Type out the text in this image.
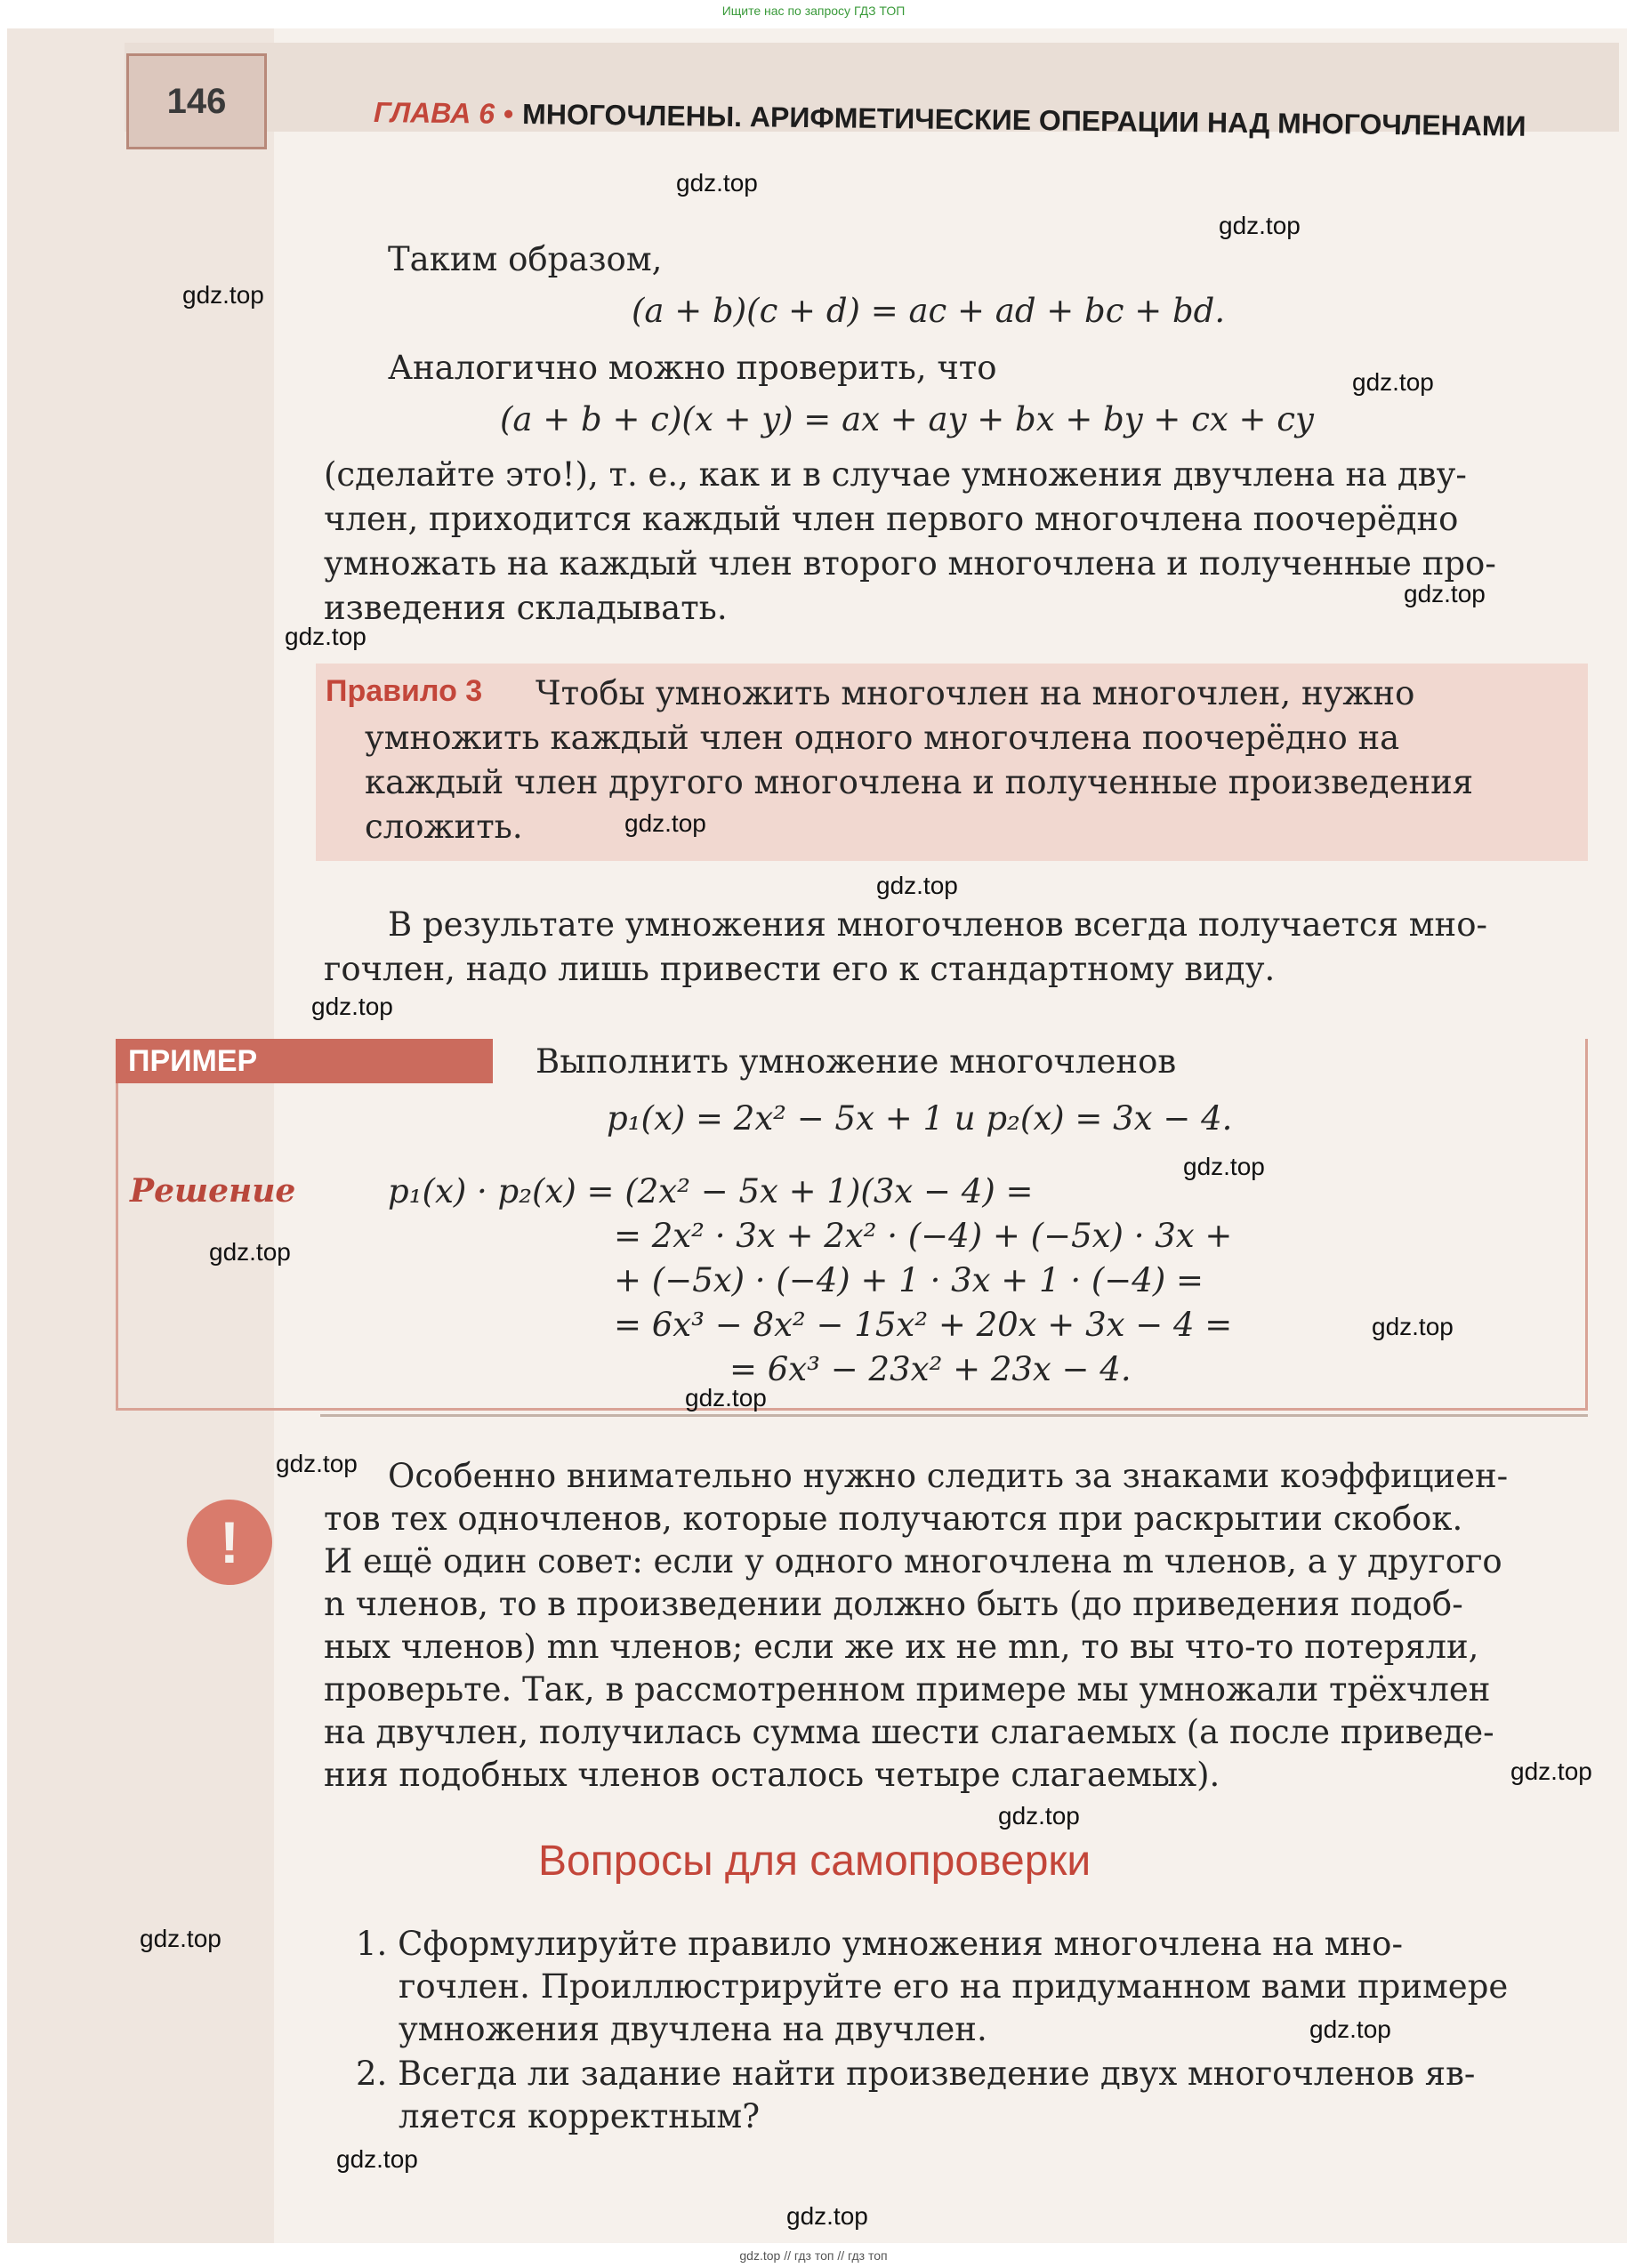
Ищите нас по запросу ГДЗ ТОП
146	ГЛАВА 6 • МНОГОЧЛЕНЫ. АРИФМЕТИЧЕСКИЕ ОПЕРАЦИИ НАД МНОГОЧЛЕНАМИ
Таким образом,
(a + b)(c + d) = ac + ad + bc + bd.
Аналогично можно проверить, что
(a + b + c)(x + y) = ax + ay + bx + by + cx + cy
(сделайте это!), т. е., как и в случае умножения двучлена на дву-
член, приходится каждый член первого многочлена поочерёдно
умножать на каждый член второго многочлена и полученные про-
изведения складывать.
Правило 3 Чтобы умножить многочлен на многочлен, нужно
умножить каждый член одного многочлена поочерёдно на
каждый член другого многочлена и полученные произведения
сложить.
В результате умножения многочленов всегда получается мно-
гочлен, надо лишь привести его к стандартному виду.
ПРИМЕР	Выполнить умножение многочленов
p₁(x) = 2x² − 5x + 1 и p₂(x) = 3x − 4.
Решение	p₁(x) · p₂(x) = (2x² − 5x + 1)(3x − 4) =
= 2x² · 3x + 2x² · (−4) + (−5x) · 3x +
+ (−5x) · (−4) + 1 · 3x + 1 · (−4) =
= 6x³ − 8x² − 15x² + 20x + 3x − 4 =
= 6x³ − 23x² + 23x − 4.
!
Особенно внимательно нужно следить за знаками коэффициен-
тов тех одночленов, которые получаются при раскрытии скобок.
И ещё один совет: если у одного многочлена m членов, а у другого
n членов, то в произведении должно быть (до приведения подоб-
ных членов) mn членов; если же их не mn, то вы что-то потеряли,
проверьте. Так, в рассмотренном примере мы умножали трёхчлен
на двучлен, получилась сумма шести слагаемых (а после приведе-
ния подобных членов осталось четыре слагаемых).
Вопросы для самопроверки
1. Сформулируйте правило умножения многочлена на мно-
гочлен. Проиллюстрируйте его на придуманном вами примере
умножения двучлена на двучлен.
2. Всегда ли задание найти произведение двух многочленов яв-
ляется корректным?
gdz.top
gdz.top
gdz.top
gdz.top
gdz.top
gdz.top
gdz.top
gdz.top
gdz.top
gdz.top
gdz.top
gdz.top
gdz.top
gdz.top
gdz.top
gdz.top
gdz.top
gdz.top
gdz.top
gdz.top
gdz.top // гдз топ // гдз топ
